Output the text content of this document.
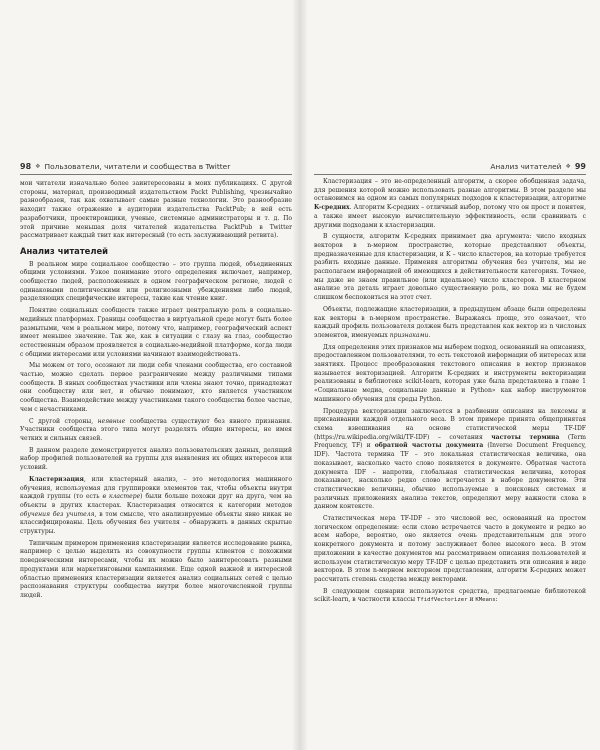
98 ❖ Пользователи, читатели и сообщества в Twitter

мои читатели изначально более заинтересованы в моих публикациях. С другой стороны, материал, производимый издательством Packt Publishing, чрезвычайно разнообразен, так как охватывает самые разные технологии. Это разнообразие находит также отражение в аудитории издательства PacktPub; в ней есть разработчики, проектировщики, ученые, системные администраторы и т. д. По этой причине меньшая доля читателей издательства PacktPub в Twitter рассматривает каждый твит как интересный (то есть заслуживающий ретвита).

Анализ читателей

В реальном мире социальное сообщество – это группа людей, объединенных общими условиями. Узкое понимание этого определения включает, например, сообщество людей, расположенных в одном географическом регионе, людей с одинаковыми политическими или религиозными убеждениями либо людей, разделяющих специфические интересы, такие как чтение книг.

Понятие социальных сообществ также играет центральную роль в социально-медийных платформах. Границы сообщества в виртуальной среде могут быть более размытыми, чем в реальном мире, потому что, например, географический аспект имеет меньшее значение. Так же, как в ситуации с глазу на глаз, сообщество естественным образом проявляется в социально-медийной платформе, когда люди с общими интересами или условиями начинают взаимодействовать.

Мы можем от того, осознают ли люди себя членами сообщества, его составной частью, можно сделать первое разграничение между различными типами сообществ. В явных сообществах участники или члены знают точно, принадлежат они сообществу или нет, и обычно понимают, кто является участником сообщества. Взаимодействие между участниками такого сообщества более частые, чем с нечастниками.

С другой стороны, неявные сообщества существуют без явного признания. Участники сообщества этого типа могут разделять общие интересы, не имея четких и сильных связей.

В данном разделе демонстрируется анализ пользовательских данных, делящий набор профилей пользователей на группы для выявления их общих интересов или условий.

Кластеризация, или кластерный анализ, – это методология машинного обучения, используемая для группировки элементов так, чтобы объекты внутри каждой группы (то есть в кластере) были больше похожи друг на друга, чем на объекты в других кластерах. Кластеризация относится к категории методов обучения без учителя, в том смысле, что анализируемые объекты явно никак не классифицированы. Цель обучения без учителя – обнаружить в данных скрытые структуры.

Типичным примером применения кластеризации является исследование рынка, например с целью выделить из совокупности группы клиентов с похожими поведенческими интересами, чтобы их можно было заинтересовать разными продуктами или маркетинговыми кампаниями. Еще одной важной и интересной областью применения кластеризации является анализ социальных сетей с целью распознавания структуры сообщества внутри более многочисленной группы людей.

Анализ читателей ❖ 99

Кластеризация – это не-определенный алгоритм, а скорее обобщенная задача, для решения которой можно использовать разные алгоритмы. В этом разделе мы остановимся на одном из самых популярных подходов к кластеризации, алгоритме K-средних. Алгоритм K-средних – отличный выбор, потому что он прост и понятен, а также имеет высокую вычислительную эффективность, если сравнивать с другими подходами к кластеризации.

В сущности, алгоритм K-средних принимает два аргумента: число входных векторов в n-мерном пространстве, которые представляют объекты, предназначенные для кластеризации, и K – число кластеров, на которые требуется разбить входные данные. Применяя алгоритмы обучения без учителя, мы не располагаем информацией об имеющихся в действительности категориях. Точнее, мы даже не знаем правильное (или идеальное) число кластеров. В кластерном анализе эта деталь играет довольно существенную роль, но пока мы не будем слишком беспокоиться на этот счет.

Объекты, подлежащие кластеризации, в предыдущем абзаце были определены как векторы в n-мерном пространстве. Выражаясь проще, это означает, что каждый профиль пользователя должен быть представлен как вектор из n числовых элементов, именуемых признаками.

Для определения этих признаков мы выберем подход, основанный на описаниях, предоставленном пользователями, то есть текстовой информации об интересах или занятиях. Процесс преобразования текстового описания в вектор признаков называется векторизацией. Алгоритм K-средних и инструменты векторизации реализованы в библиотеке scikit-learn, которая уже была представлена в главе 1 «Социальные медиа, социальные данные и Python» как набор инструментов машинного обучения для среды Python.

Процедура векторизации заключается в разбиении описания на лексемы и присваивании каждой отдельного веса. В этом примере принята общепринятая схема взвешивания на основе статистической меры TF-IDF (https://ru.wikipedia.org/wiki/TF-IDF) – сочетания частоты термина (Term Frequency, TF) и обратной частоты документа (Inverse Document Frequency, IDF). Частота термина TF – это локальная статистическая величина, она показывает, насколько часто слово появляется в документе. Обратная частота документа IDF – напротив, глобальная статистическая величина, которая показывает, насколько редко слово встречается в наборе документов. Эти статистические величины, обычно используемые в поисковых системах и различных приложениях анализа текстов, определяют меру важности слова в данном контексте.

Статистическая мера TF-IDF – это числовой вес, основанный на простом логическом определении: если слово встречается часто в документе и редко во всем наборе, вероятно, оно является очень представительным для этого конкретного документа и потому заслуживает более высокого веса. В этом приложении в качестве документов мы рассматриваем описания пользователей и используем статистическую меру TF-IDF с целью представить эти описания в виде векторов. В этом n-мерном векторном представлении, алгоритм K-средних может рассчитать степень сходства между векторами.

В следующем сценарии используются средства, предлагаемые библиотекой scikit-learn, в частности классы TfidfVectorizer и KMeans:
